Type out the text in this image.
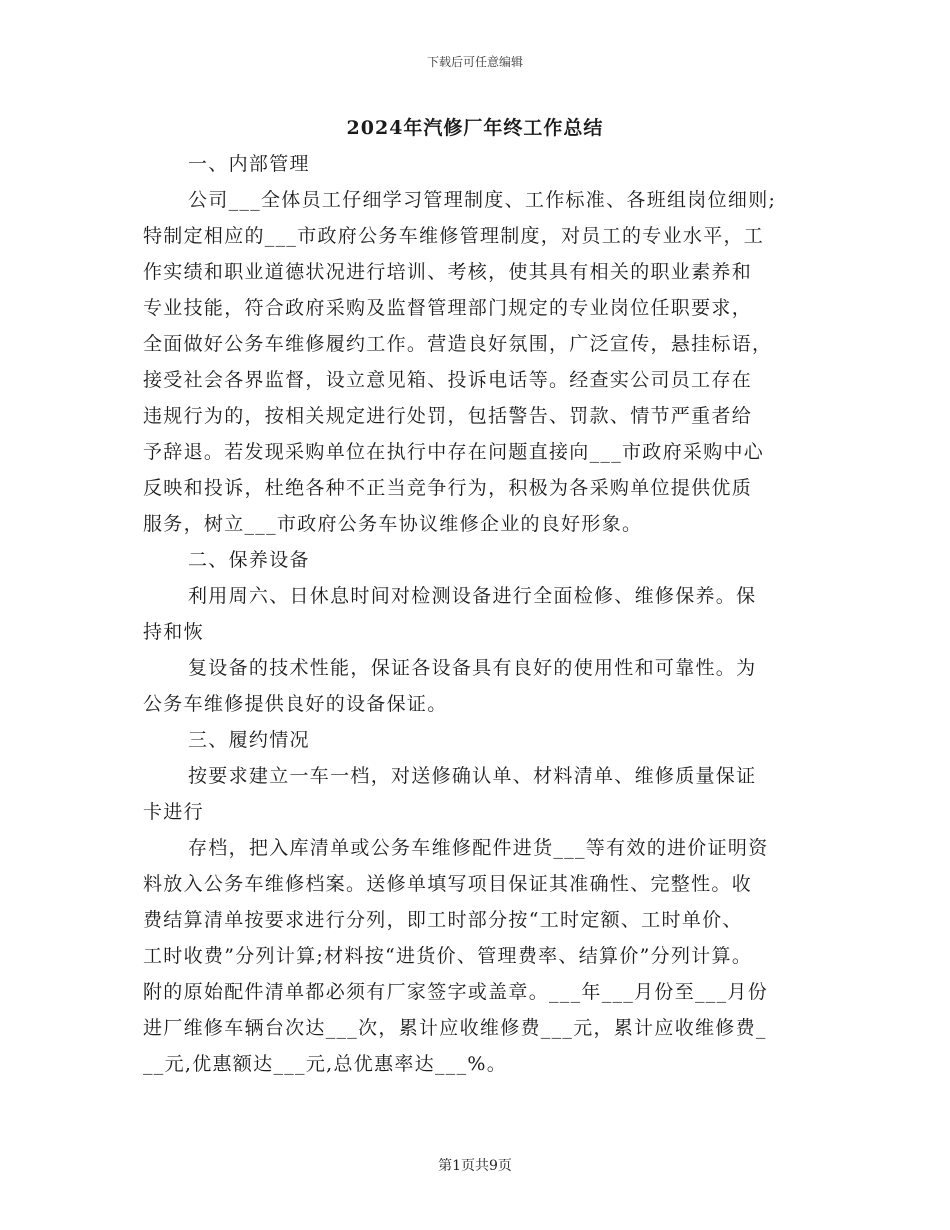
下载后可任意编辑
2024年汽修厂年终工作总结
一、内部管理
公司___全体员工仔细学习管理制度、工作标准、各班组岗位细则;
特制定相应的___市政府公务车维修管理制度，对员工的专业水平，工
作实绩和职业道德状况进行培训、考核，使其具有相关的职业素养和
专业技能，符合政府采购及监督管理部门规定的专业岗位任职要求，
全面做好公务车维修履约工作。营造良好氛围，广泛宣传，悬挂标语，
接受社会各界监督，设立意见箱、投诉电话等。经查实公司员工存在
违规行为的，按相关规定进行处罚，包括警告、罚款、情节严重者给
予辞退。若发现采购单位在执行中存在问题直接向___市政府采购中心
反映和投诉，杜绝各种不正当竞争行为，积极为各采购单位提供优质
服务，树立___市政府公务车协议维修企业的良好形象。
二、保养设备
利用周六、日休息时间对检测设备进行全面检修、维修保养。保
持和恢
复设备的技术性能，保证各设备具有良好的使用性和可靠性。为
公务车维修提供良好的设备保证。
三、履约情况
按要求建立一车一档，对送修确认单、材料清单、维修质量保证
卡进行
存档，把入库清单或公务车维修配件进货___等有效的进价证明资
料放入公务车维修档案。送修单填写项目保证其准确性、完整性。收
费结算清单按要求进行分列，即工时部分按“工时定额、工时单价、
工时收费”分列计算;材料按“进货价、管理费率、结算价”分列计算。
附的原始配件清单都必须有厂家签字或盖章。___年___月份至___月份
进厂维修车辆台次达___次，累计应收维修费___元，累计应收维修费_
__元,优惠额达___元,总优惠率达___%。
第1页共9页
